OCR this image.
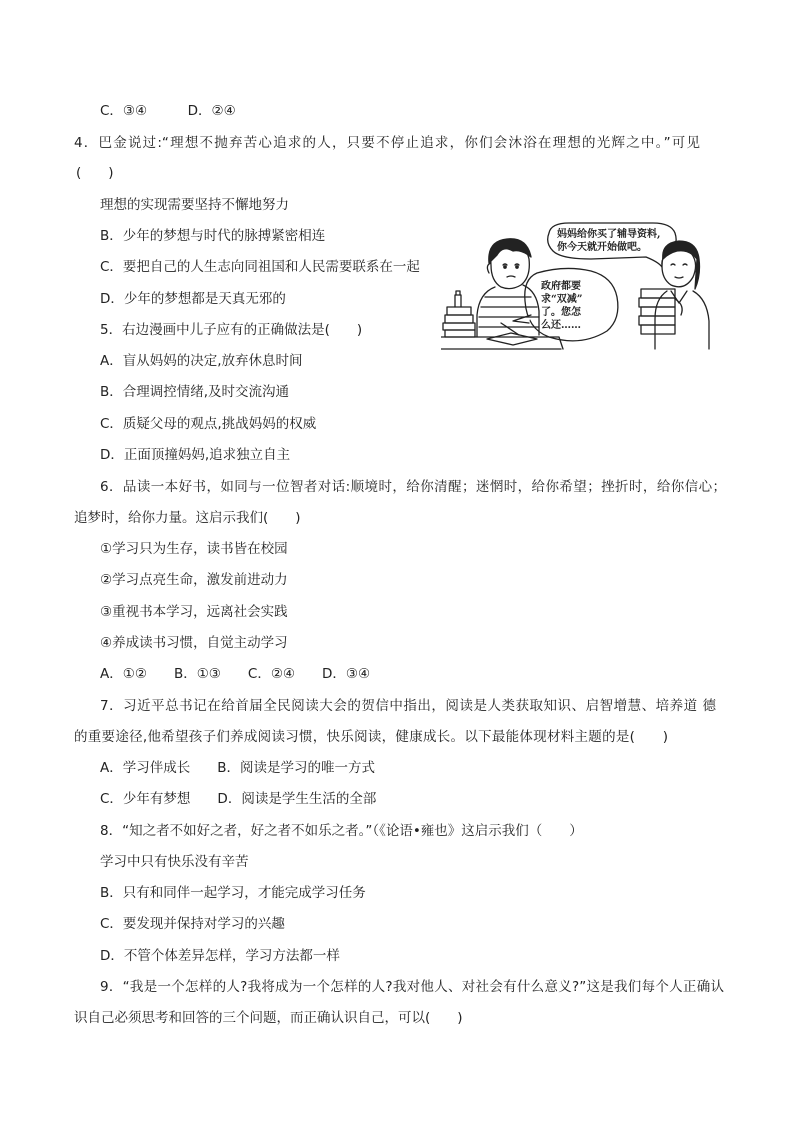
C．③④　　　D．②④
4．巴金说过:“理想不抛弃苦心追求的人，只要不停止追求，你们会沐浴在理想的光辉之中。”可见
(　　)
理想的实现需要坚持不懈地努力
B．少年的梦想与时代的脉搏紧密相连
C．要把自己的人生志向同祖国和人民需要联系在一起
D．少年的梦想都是天真无邪的
5．右边漫画中儿子应有的正确做法是(　　)
A．盲从妈妈的决定,放弃休息时间
B．合理调控情绪,及时交流沟通
C．质疑父母的观点,挑战妈妈的权威
D．正面顶撞妈妈,追求独立自主
6．品读一本好书，如同与一位智者对话:顺境时，给你清醒；迷惘时，给你希望；挫折时，给你信心；
追梦时，给你力量。这启示我们(　　)
①学习只为生存，读书皆在校园
②学习点亮生命，激发前进动力
③重视书本学习，远离社会实践
④养成读书习惯，自觉主动学习
A．①②　　B．①③　　C．②④　　D．③④
7．习近平总书记在给首届全民阅读大会的贺信中指出，阅读是人类获取知识、启智增慧、培养道 德
的重要途径,他希望孩子们养成阅读习惯，快乐阅读，健康成长。以下最能体现材料主题的是(　　)
A．学习伴成长　　B．阅读是学习的唯一方式
C．少年有梦想　　D．阅读是学生生活的全部
8．“知之者不如好之者，好之者不如乐之者。”（《论语•雍也》这启示我们（　　）
学习中只有快乐没有辛苦
B．只有和同伴一起学习，才能完成学习任务
C．要发现并保持对学习的兴趣
D．不管个体差异怎样，学习方法都一样
9．“我是一个怎样的人?我将成为一个怎样的人?我对他人、对社会有什么意义?”这是我们每个人正确认
识自己必须思考和回答的三个问题，而正确认识自己，可以(　　)
妈妈给你买了辅导资料,
你今天就开始做吧。
政府都要
求“双减”
了。您怎
么还……
